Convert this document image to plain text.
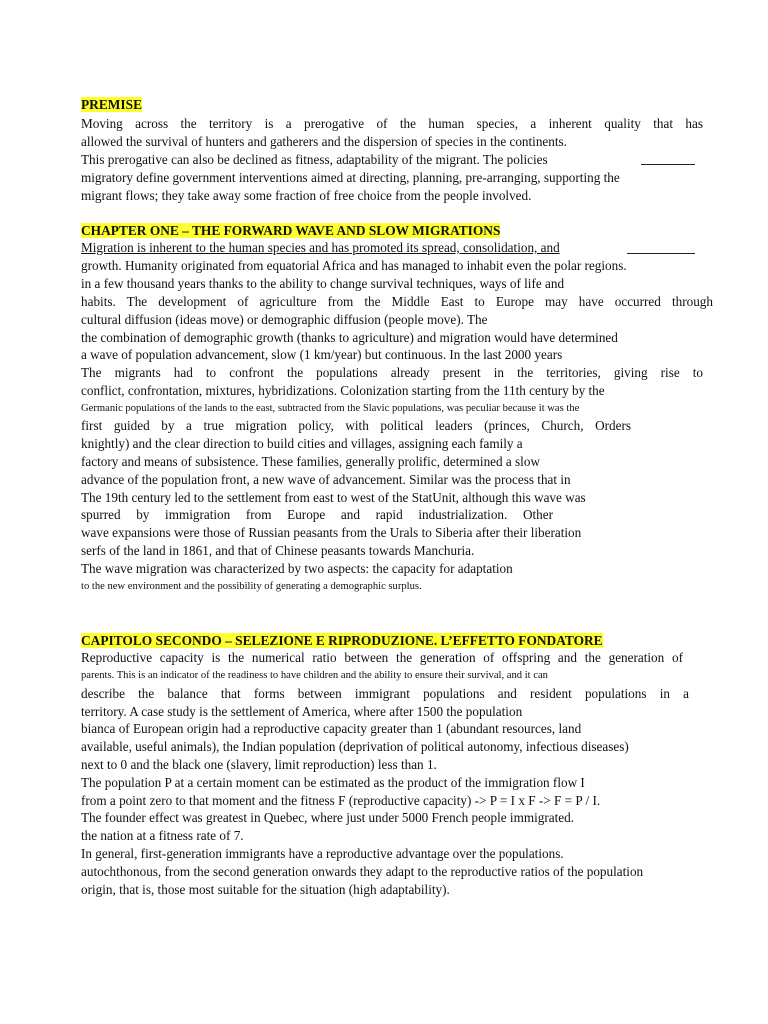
PREMISE
Moving across the territory is a prerogative of the human species, a inherent quality that has
allowed the survival of hunters and gatherers and the dispersion of species in the continents.
This prerogative can also be declined as fitness, adaptability of the migrant. The policies
migratory define government interventions aimed at directing, planning, pre-arranging, supporting the
migrant flows; they take away some fraction of free choice from the people involved.
CHAPTER ONE – THE FORWARD WAVE AND SLOW MIGRATIONS
Migration is inherent to the human species and has promoted its spread, consolidation, and
growth. Humanity originated from equatorial Africa and has managed to inhabit even the polar regions.
in a few thousand years thanks to the ability to change survival techniques, ways of life and
habits. The development of agriculture from the Middle East to Europe may have occurred through
cultural diffusion (ideas move) or demographic diffusion (people move). The
the combination of demographic growth (thanks to agriculture) and migration would have determined
a wave of population advancement, slow (1 km/year) but continuous. In the last 2000 years
The migrants had to confront the populations already present in the territories, giving rise to
conflict, confrontation, mixtures, hybridizations. Colonization starting from the 11th century by the
Germanic populations of the lands to the east, subtracted from the Slavic populations, was peculiar because it was the
first guided by a true migration policy, with political leaders (princes, Church, Orders
knightly) and the clear direction to build cities and villages, assigning each family a
factory and means of subsistence. These families, generally prolific, determined a slow
advance of the population front, a new wave of advancement. Similar was the process that in
The 19th century led to the settlement from east to west of the StatUnit, although this wave was
spurred by immigration from Europe and rapid industrialization. Other
wave expansions were those of Russian peasants from the Urals to Siberia after their liberation
serfs of the land in 1861, and that of Chinese peasants towards Manchuria.
The wave migration was characterized by two aspects: the capacity for adaptation
to the new environment and the possibility of generating a demographic surplus.
CAPITOLO SECONDO – SELEZIONE E RIPRODUZIONE. L’EFFETTO FONDATORE
Reproductive capacity is the numerical ratio between the generation of offspring and the generation of
parents. This is an indicator of the readiness to have children and the ability to ensure their survival, and it can
describe the balance that forms between immigrant populations and resident populations in a
territory. A case study is the settlement of America, where after 1500 the population
bianca of European origin had a reproductive capacity greater than 1 (abundant resources, land
available, useful animals), the Indian population (deprivation of political autonomy, infectious diseases)
next to 0 and the black one (slavery, limit reproduction) less than 1.
The population P at a certain moment can be estimated as the product of the immigration flow I
from a point zero to that moment and the fitness F (reproductive capacity) -> P = I x F -> F = P / I.
The founder effect was greatest in Quebec, where just under 5000 French people immigrated.
the nation at a fitness rate of 7.
In general, first-generation immigrants have a reproductive advantage over the populations.
autochthonous, from the second generation onwards they adapt to the reproductive ratios of the population
origin, that is, those most suitable for the situation (high adaptability).
